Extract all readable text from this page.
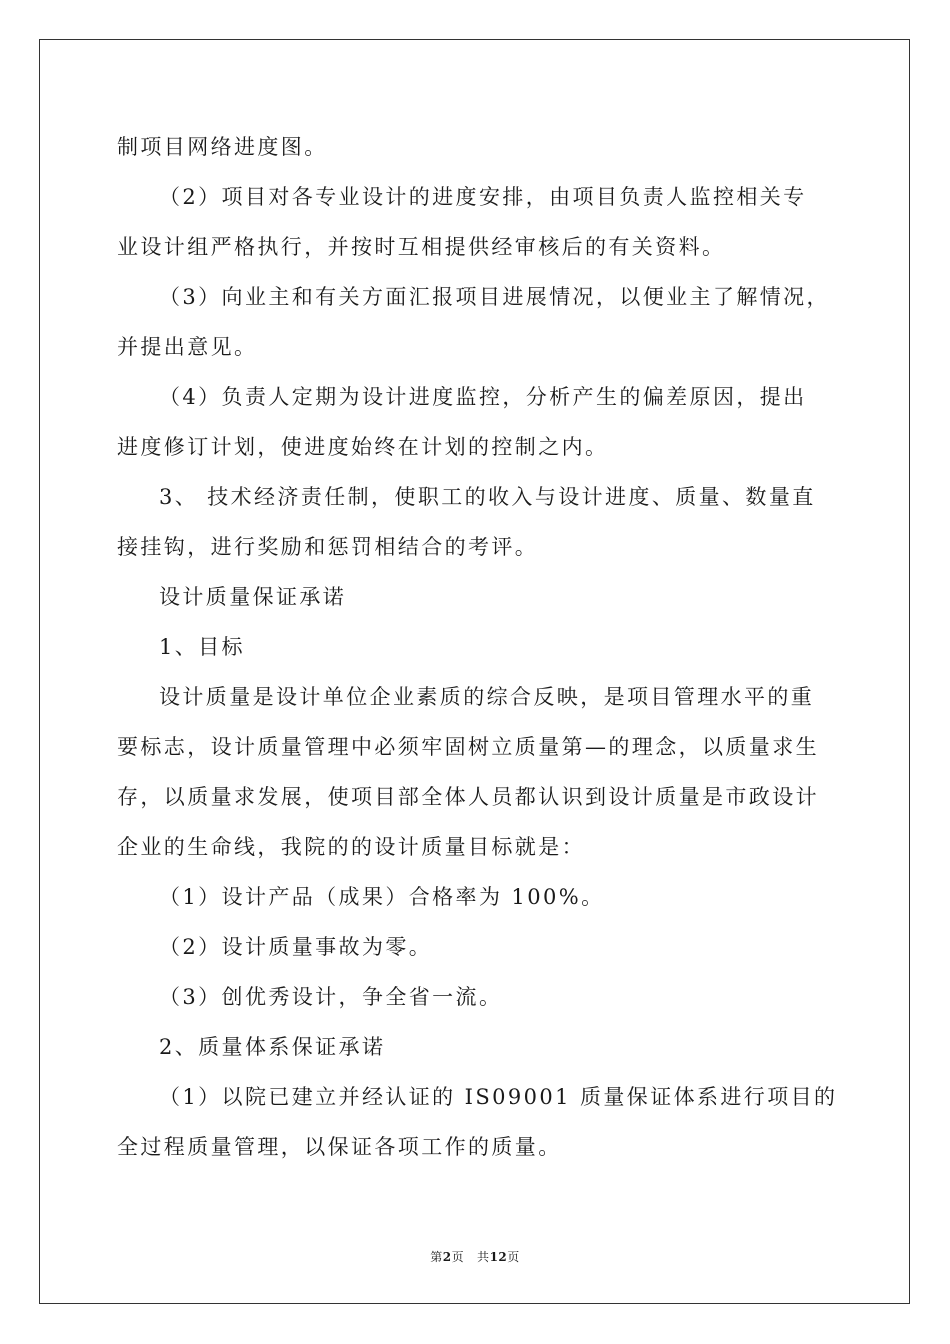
制项目网络进度图。
（2）项目对各专业设计的进度安排，由项目负责人监控相关专
业设计组严格执行，并按时互相提供经审核后的有关资料。
（3）向业主和有关方面汇报项目进展情况，以便业主了解情况，
并提出意见。
（4）负责人定期为设计进度监控，分析产生的偏差原因，提出
进度修订计划，使进度始终在计划的控制之内。
3、 技术经济责任制，使职工的收入与设计进度、质量、数量直
接挂钩，进行奖励和惩罚相结合的考评。
设计质量保证承诺
1、目标
设计质量是设计单位企业素质的综合反映，是项目管理水平的重
要标志，设计质量管理中必须牢固树立质量第—的理念，以质量求生
存，以质量求发展，使项目部全体人员都认识到设计质量是市政设计
企业的生命线，我院的的设计质量目标就是：
（1）设计产品（成果）合格率为 100%。
（2）设计质量事故为零。
（3）创优秀设计，争全省一流。
2、质量体系保证承诺
（1）以院已建立并经认证的 IS09001 质量保证体系进行项目的
全过程质量管理，以保证各项工作的质量。
第2页 共12页
